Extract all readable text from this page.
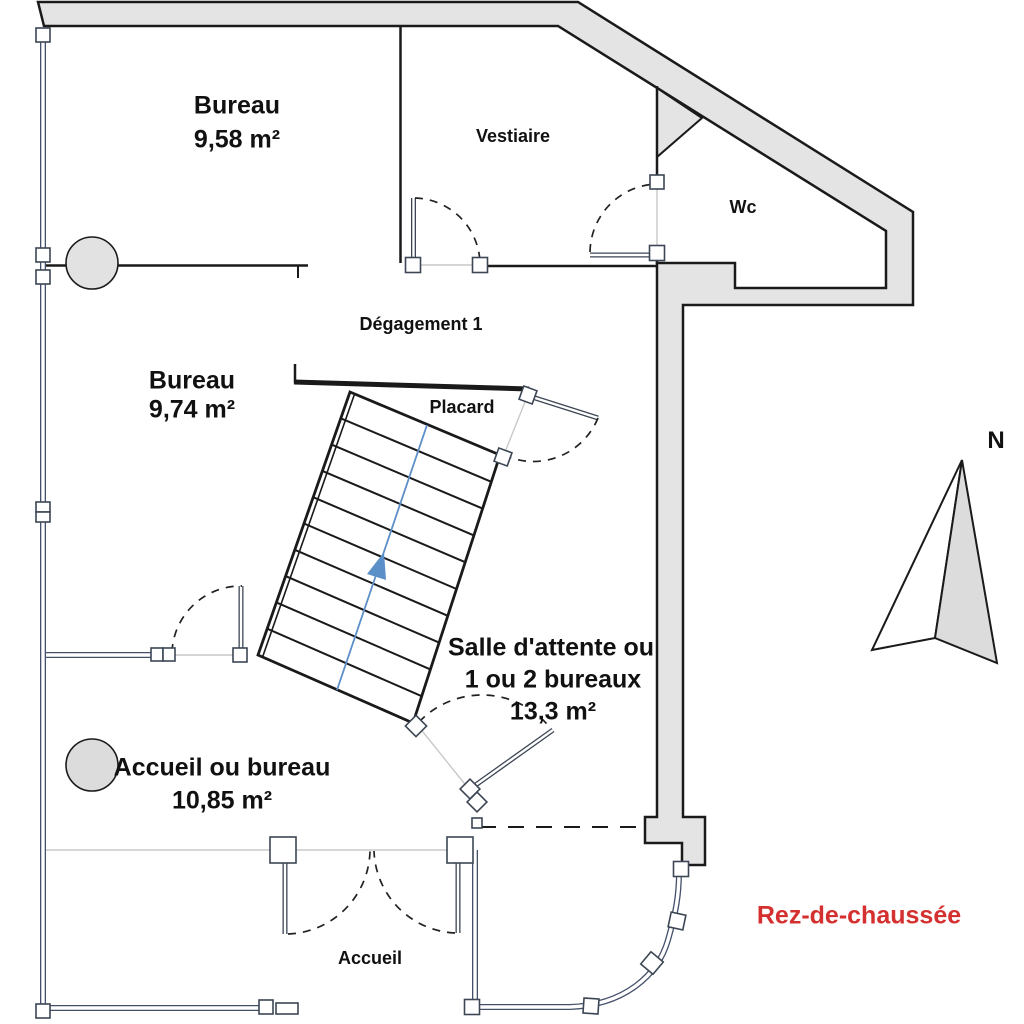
Bureau
9,58 m²	Vestiaire
Wc
Dégagement 1
Bureau
9,74 m²	Placard
Salle d'attente ou
1 ou 2 bureaux
13,3 m²
Accueil ou bureau
10,85 m²
Accueil
Rez-de-chaussée
N
